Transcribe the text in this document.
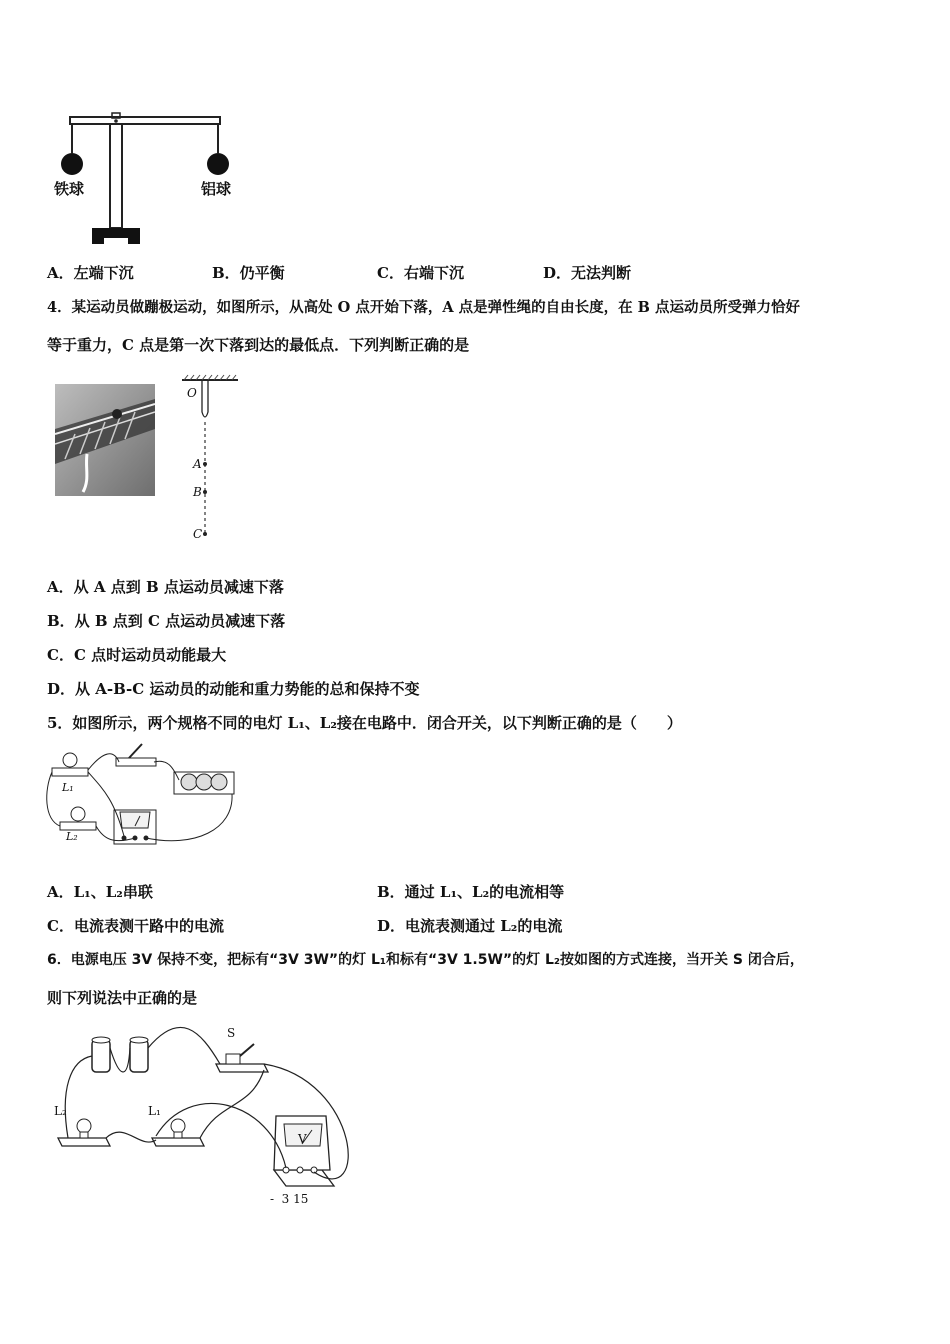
铁球	铝球
A．左端下沉	B．仍平衡	C．右端下沉	D．无法判断
4．某运动员做蹦极运动，如图所示，从高处 O 点开始下落，A 点是弹性绳的自由长度，在 B 点运动员所受弹力恰好
等于重力，C 点是第一次下落到达的最低点．下列判断正确的是
O
A
B
C
A．从 A 点到 B 点运动员减速下落
B．从 B 点到 C 点运动员减速下落
C．C 点时运动员动能最大
D．从 A-B-C 运动员的动能和重力势能的总和保持不变
5．如图所示，两个规格不同的电灯 L₁、L₂接在电路中．闭合开关，以下判断正确的是（　　）
L₁
L₂
A．L₁、L₂串联	B．通过 L₁、L₂的电流相等
C．电流表测干路中的电流	D．电流表测通过 L₂的电流
6．电源电压 3V 保持不变，把标有“3V 3W”的灯 L₁和标有“3V 1.5W”的灯 L₂按如图的方式连接，当开关 S 闭合后，
则下列说法中正确的是
S
L₂	L₁
V
-  3 15
